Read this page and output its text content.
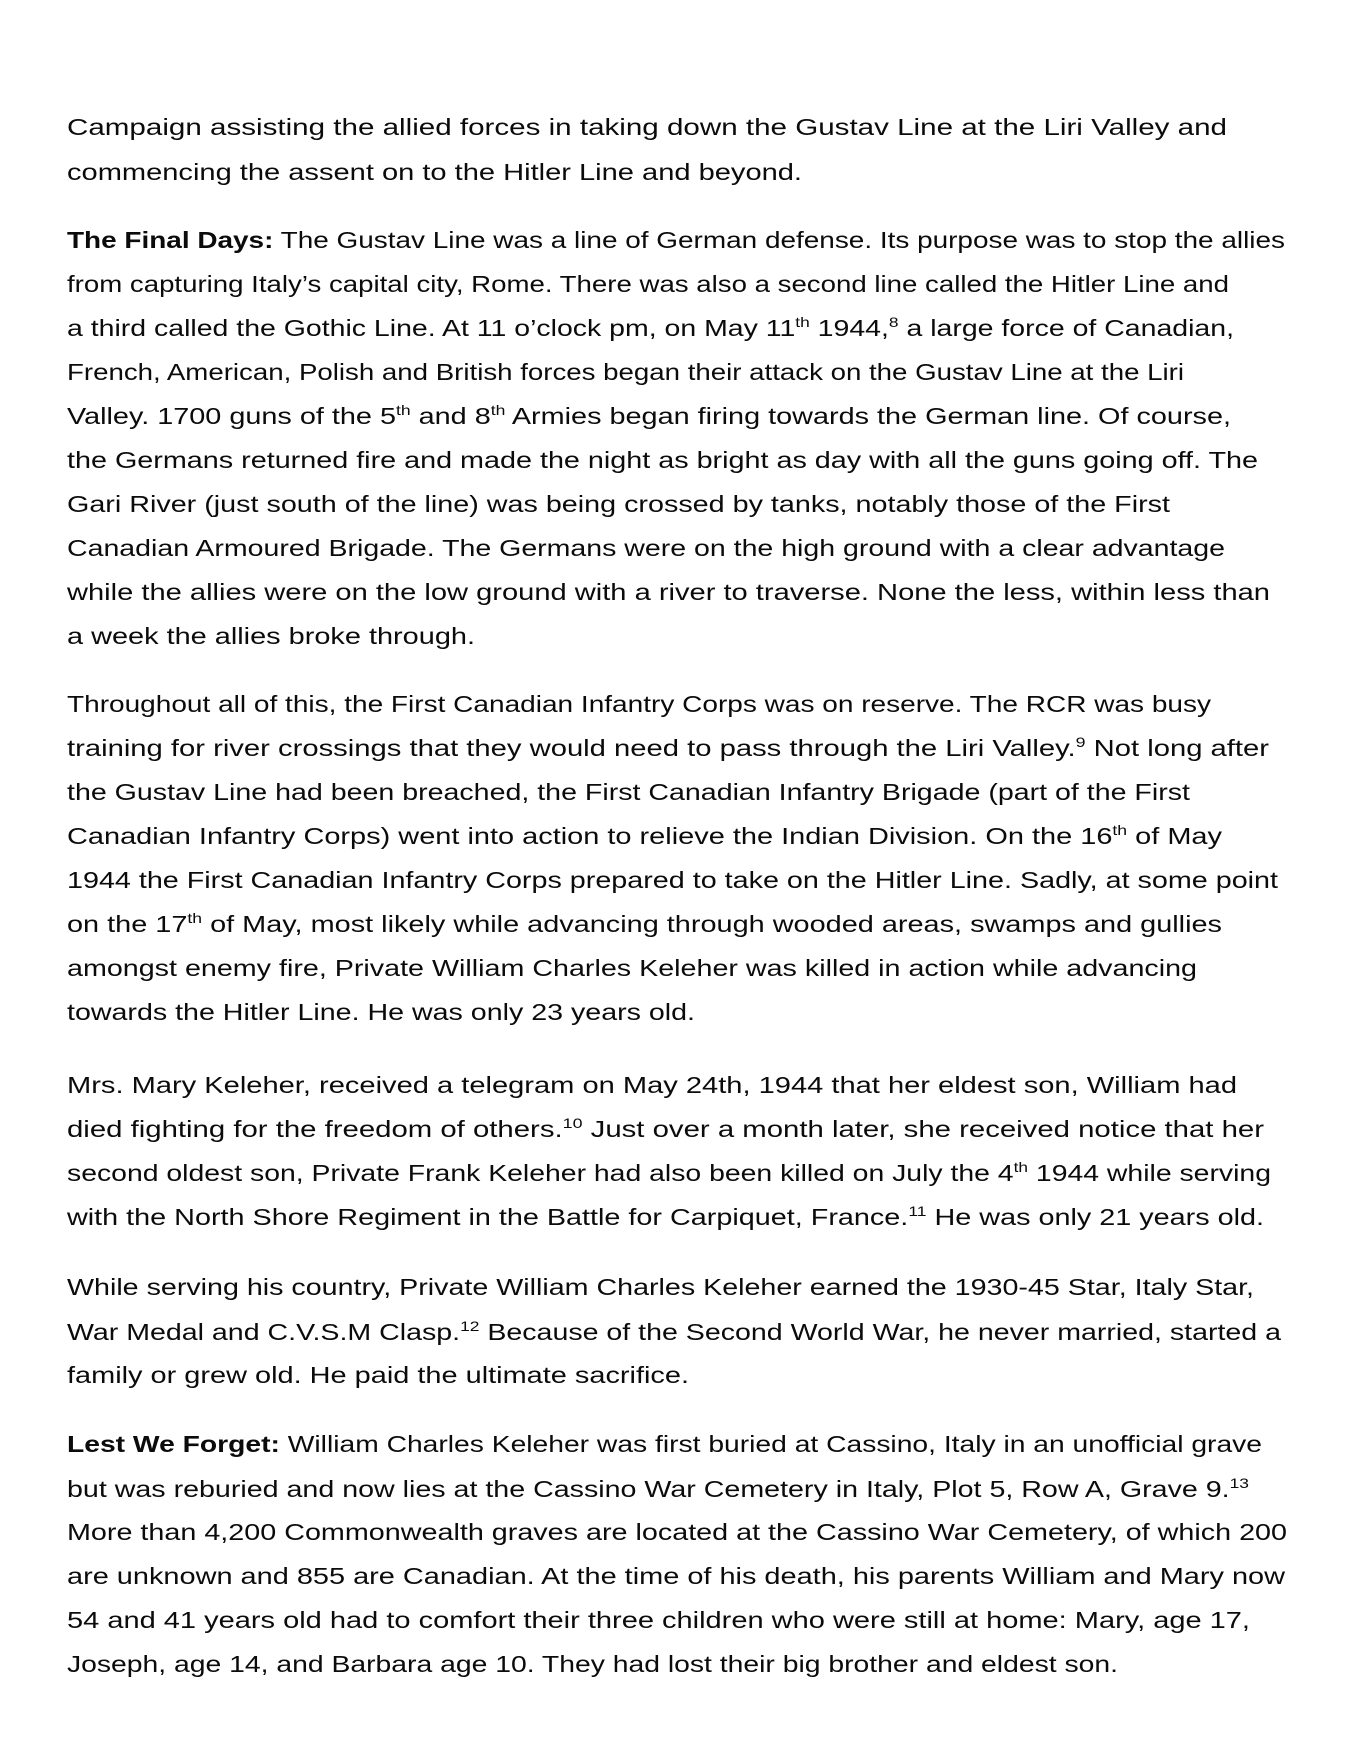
Campaign assisting the allied forces in taking down the Gustav Line at the Liri Valley and
commencing the assent on to the Hitler Line and beyond.
The Final Days: The Gustav Line was a line of German defense. Its purpose was to stop the allies
from capturing Italy’s capital city, Rome. There was also a second line called the Hitler Line and
a third called the Gothic Line. At 11 o’clock pm, on May 11th 1944,$^8$ a large force of Canadian,
French, American, Polish and British forces began their attack on the Gustav Line at the Liri
Valley. 1700 guns of the 5th and 8th Armies began firing towards the German line. Of course,
the Germans returned fire and made the night as bright as day with all the guns going off. The
Gari River (just south of the line) was being crossed by tanks, notably those of the First
Canadian Armoured Brigade. The Germans were on the high ground with a clear advantage
while the allies were on the low ground with a river to traverse. None the less, within less than
a week the allies broke through.
Throughout all of this, the First Canadian Infantry Corps was on reserve. The RCR was busy
training for river crossings that they would need to pass through the Liri Valley.$^9$ Not long after
the Gustav Line had been breached, the First Canadian Infantry Brigade (part of the First
Canadian Infantry Corps) went into action to relieve the Indian Division. On the 16th of May
1944 the First Canadian Infantry Corps prepared to take on the Hitler Line. Sadly, at some point
on the 17th of May, most likely while advancing through wooded areas, swamps and gullies
amongst enemy fire, Private William Charles Keleher was killed in action while advancing
towards the Hitler Line. He was only 23 years old.
Mrs. Mary Keleher, received a telegram on May 24th, 1944 that her eldest son, William had
died fighting for the freedom of others.$^{10}$ Just over a month later, she received notice that her
second oldest son, Private Frank Keleher had also been killed on July the 4th 1944 while serving
with the North Shore Regiment in the Battle for Carpiquet, France.$^{11}$ He was only 21 years old.
While serving his country, Private William Charles Keleher earned the 1930-45 Star, Italy Star,
War Medal and C.V.S.M Clasp.$^{12}$ Because of the Second World War, he never married, started a
family or grew old. He paid the ultimate sacrifice.
Lest We Forget: William Charles Keleher was first buried at Cassino, Italy in an unofficial grave
but was reburied and now lies at the Cassino War Cemetery in Italy, Plot 5, Row A, Grave 9.13
More than 4,200 Commonwealth graves are located at the Cassino War Cemetery, of which 200
are unknown and 855 are Canadian. At the time of his death, his parents William and Mary now
54 and 41 years old had to comfort their three children who were still at home: Mary, age 17,
Joseph, age 14, and Barbara age 10. They had lost their big brother and eldest son.
